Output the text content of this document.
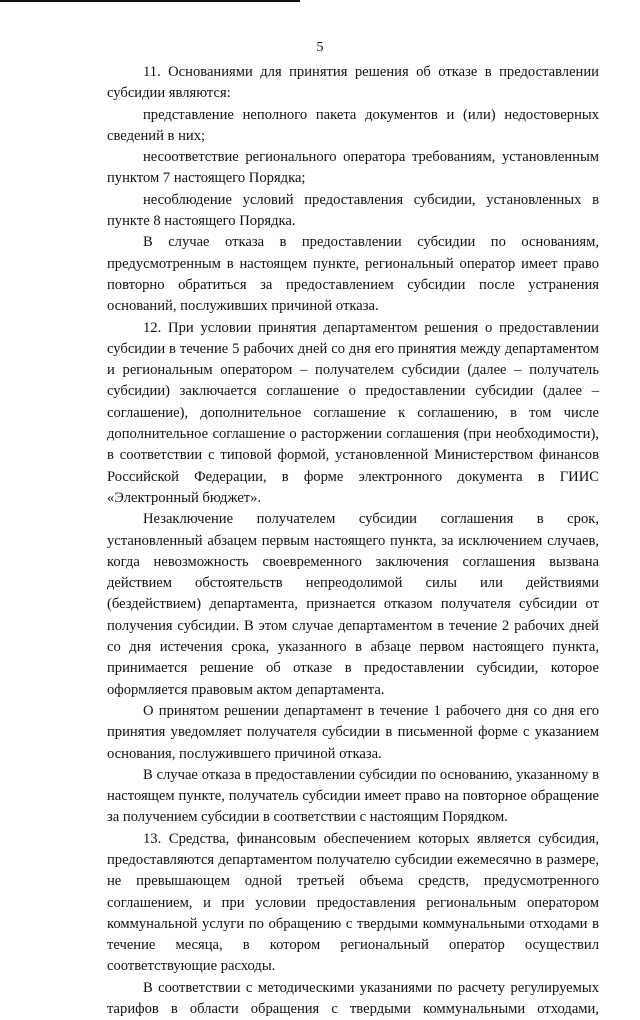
5

11. Основаниями для принятия решения об отказе в предоставлении субсидии являются:

представление неполного пакета документов и (или) недостоверных сведений в них;

несоответствие регионального оператора требованиям, установленным пунктом 7 настоящего Порядка;

несоблюдение условий предоставления субсидии, установленных в пункте 8 настоящего Порядка.

В случае отказа в предоставлении субсидии по основаниям, предусмотренным в настоящем пункте, региональный оператор имеет право повторно обратиться за предоставлением субсидии после устранения оснований, послуживших причиной отказа.

12. При условии принятия департаментом решения о предоставлении субсидии в течение 5 рабочих дней со дня его принятия между департаментом и региональным оператором – получателем субсидии (далее – получатель субсидии) заключается соглашение о предоставлении субсидии (далее – соглашение), дополнительное соглашение к соглашению, в том числе дополнительное соглашение о расторжении соглашения (при необходимости), в соответствии с типовой формой, установленной Министерством финансов Российской Федерации, в форме электронного документа в ГИИС «Электронный бюджет».

Незаключение получателем субсидии соглашения в срок, установленный абзацем первым настоящего пункта, за исключением случаев, когда невозможность своевременного заключения соглашения вызвана действием обстоятельств непреодолимой силы или действиями (бездействием) департамента, признается отказом получателя субсидии от получения субсидии. В этом случае департаментом в течение 2 рабочих дней со дня истечения срока, указанного в абзаце первом настоящего пункта, принимается решение об отказе в предоставлении субсидии, которое оформляется правовым актом департамента.

О принятом решении департамент в течение 1 рабочего дня со дня его принятия уведомляет получателя субсидии в письменной форме с указанием основания, послужившего причиной отказа.

В случае отказа в предоставлении субсидии по основанию, указанному в настоящем пункте, получатель субсидии имеет право на повторное обращение за получением субсидии в соответствии с настоящим Порядком.

13. Средства, финансовым обеспечением которых является субсидия, предоставляются департаментом получателю субсидии ежемесячно в размере, не превышающем одной третьей объема средств, предусмотренного соглашением, и при условии предоставления региональным оператором коммунальной услуги по обращению с твердыми коммунальными отходами в течение месяца, в котором региональный оператор осуществил соответствующие расходы.

В соответствии с методическими указаниями по расчету регулируемых тарифов в области обращения с твердыми коммунальными отходами,
